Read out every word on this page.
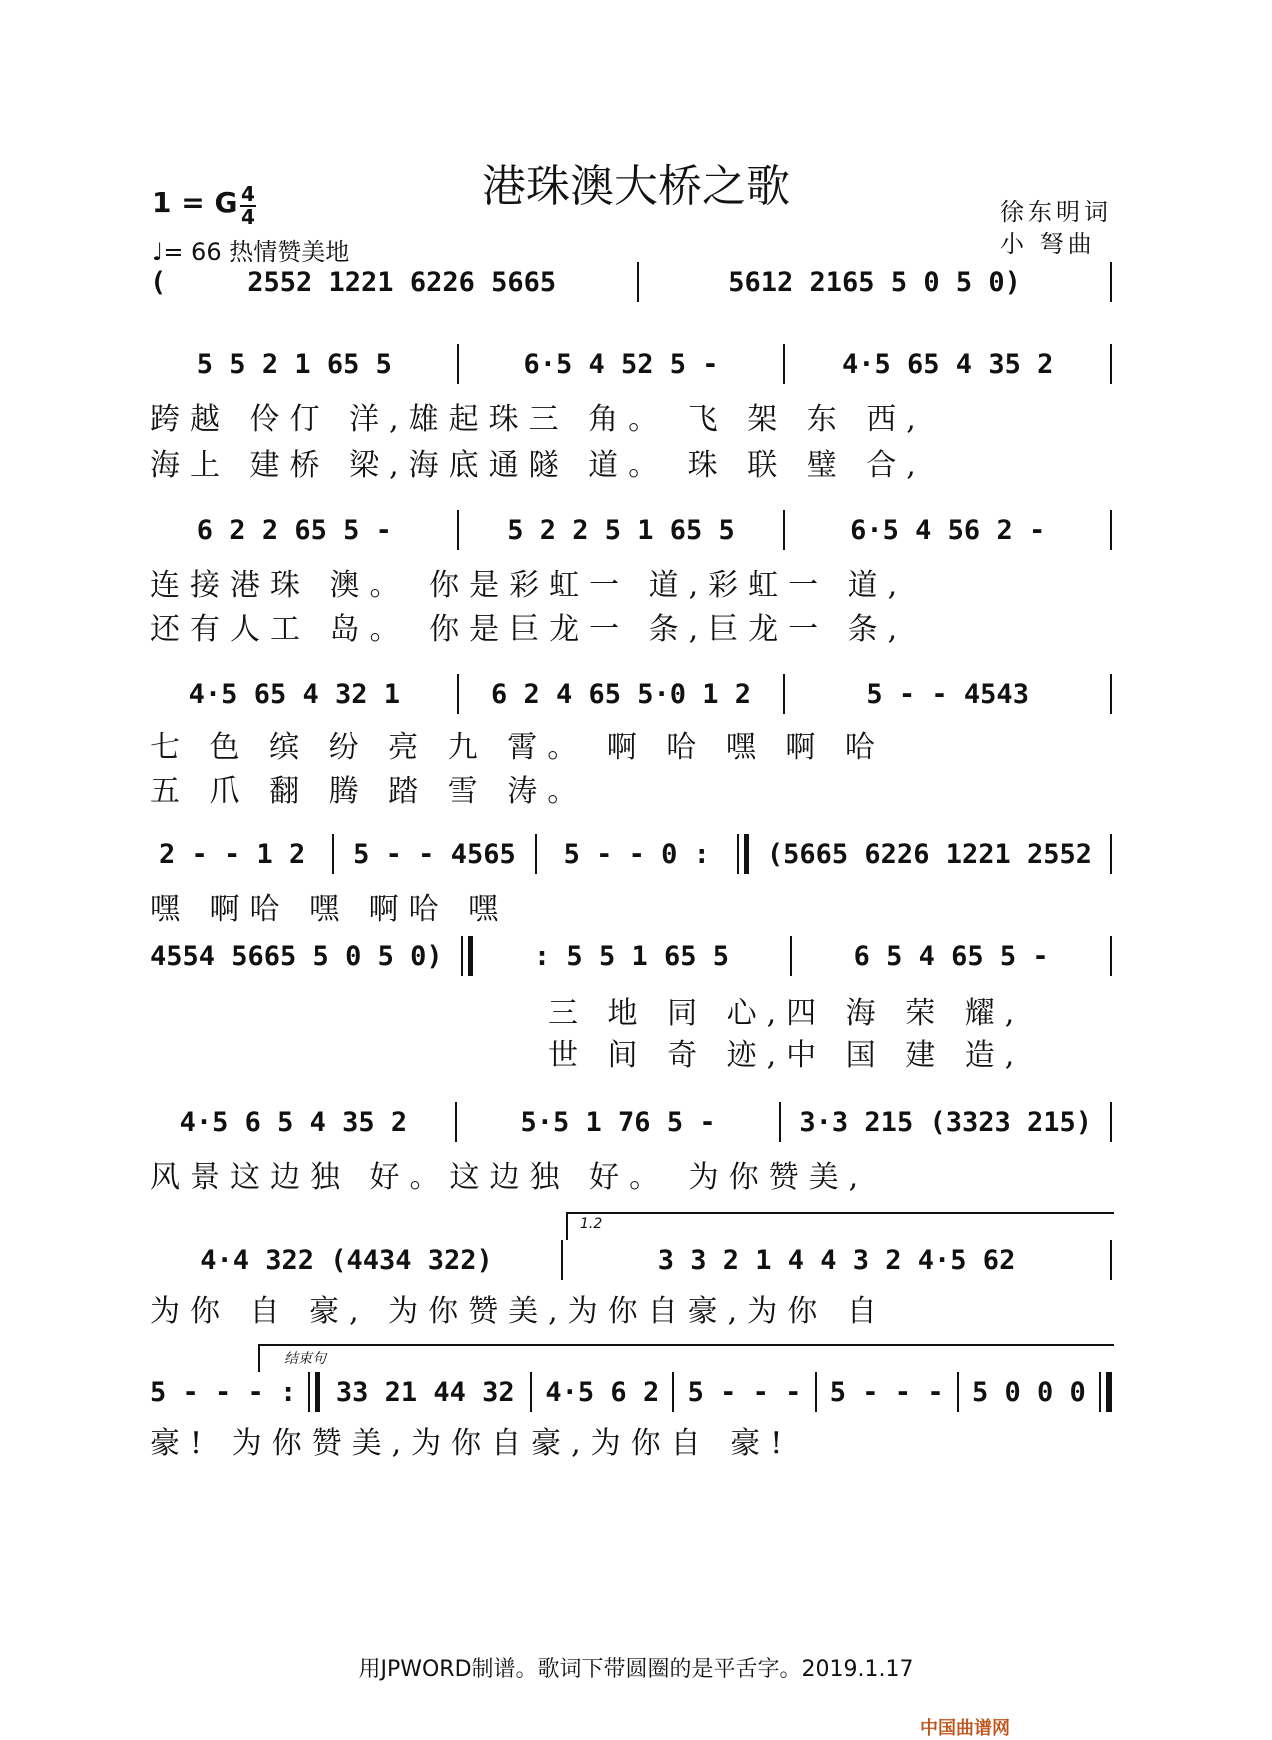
港珠澳大桥之歌
1 = G 4
4
♩= 66 热情赞美地
徐东明词
小 弩曲
(	2552 1221 6226 5665	5612 2165 5 0 5 0)
5 5 2 1 65 5	6·5 4 52 5 -	4·5 65 4 35 2
跨越 伶仃 洋,雄起珠三 角。 飞 架 东 西,
海上 建桥 梁,海底通隧 道。 珠 联 璧 合,
6 2 2 65 5 -	5 2 2 5 1 65 5	6·5 4 56 2 -
连接港珠 澳。 你是彩虹一 道,彩虹一 道,
还有人工 岛。 你是巨龙一 条,巨龙一 条,
4·5 65 4 32 1	6 2 4 65 5·0 1 2	5 - - 4543
七 色 缤 纷 亮 九 霄。 啊 哈 嘿 啊 哈
五 爪 翻 腾 踏 雪 涛。
2 - - 1 2	5 - - 4565	5 - - 0 :	(5665 6226 1221 2552
嘿 啊哈 嘿 啊哈 嘿
4554 5665 5 0 5 0)	: 5 5 1 65 5	6 5 4 65 5 -
三 地 同 心,四 海 荣 耀,
世 间 奇 迹,中 国 建 造,
4·5 6 5 4 35 2	5·5 1 76 5 -	3·3 215 (3323 215)
风景这边独 好。这边独 好。 为你赞美,
1.2
4·4 322 (4434 322)	3 3 2 1 4 4 3 2 4·5 62
为你 自 豪, 为你赞美,为你自豪,为你 自
结束句
5 - - - : 33 21 44 32 4·5 6 2 5 - - - 5 - - - 5 0 0 0
豪! 为你赞美,为你自豪,为你自 豪!
用JPWORD制谱。歌词下带圆圈的是平舌字。2019.1.17
中国曲谱网
